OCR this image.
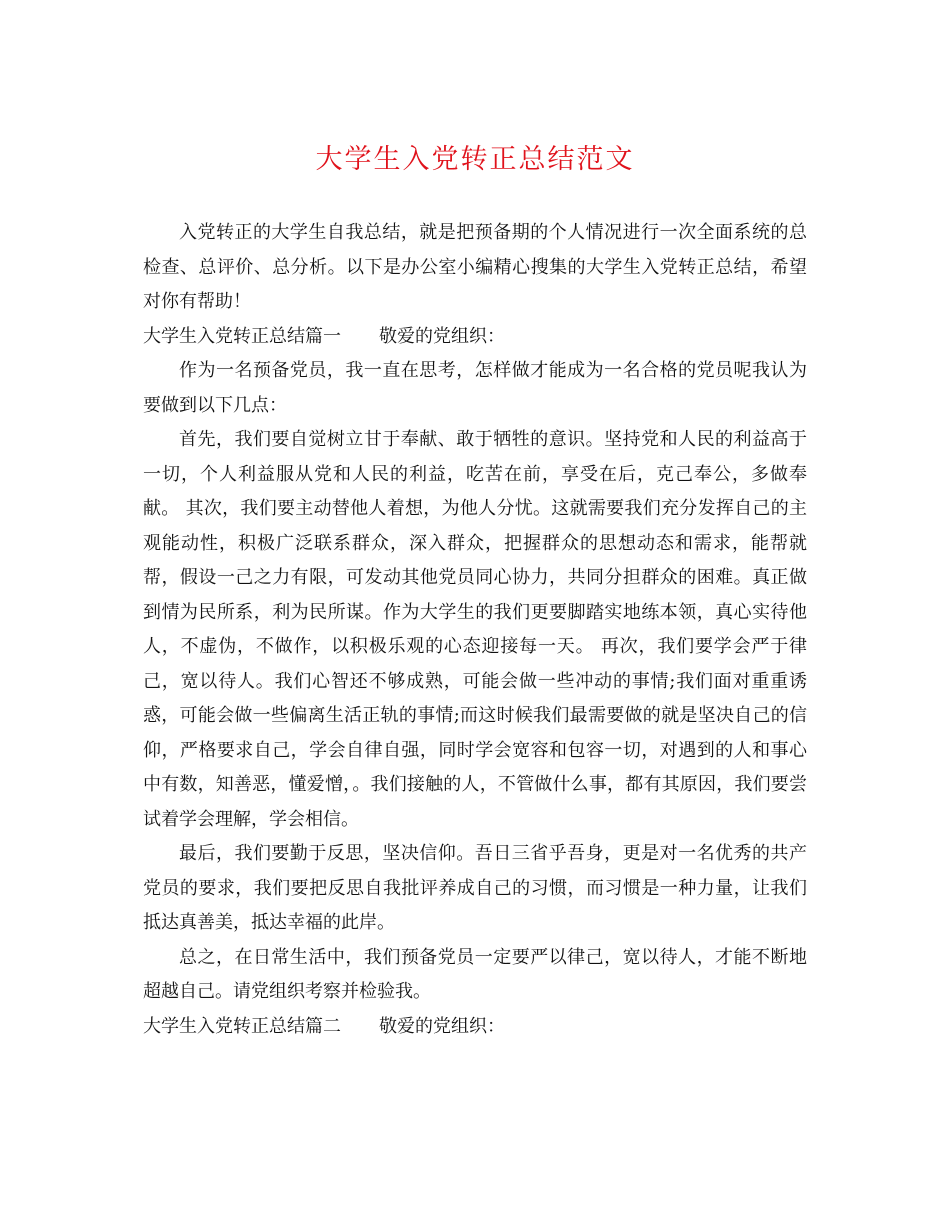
大学生入党转正总结范文

入党转正的大学生自我总结，就是把预备期的个人情况进行一次全面系统的总检查、总评价、总分析。以下是办公室小编精心搜集的大学生入党转正总结，希望对你有帮助！

大学生入党转正总结篇一 敬爱的党组织：

作为一名预备党员，我一直在思考，怎样做才能成为一名合格的党员呢我认为要做到以下几点：

首先，我们要自觉树立甘于奉献、敢于牺牲的意识。坚持党和人民的利益高于一切，个人利益服从党和人民的利益，吃苦在前，享受在后，克己奉公，多做奉献。 其次，我们要主动替他人着想，为他人分忧。这就需要我们充分发挥自己的主观能动性，积极广泛联系群众，深入群众，把握群众的思想动态和需求，能帮就帮，假设一己之力有限，可发动其他党员同心协力，共同分担群众的困难。真正做到情为民所系，利为民所谋。作为大学生的我们更要脚踏实地练本领，真心实待他人，不虚伪，不做作，以积极乐观的心态迎接每一天。 再次，我们要学会严于律己，宽以待人。我们心智还不够成熟，可能会做一些冲动的事情;我们面对重重诱惑，可能会做一些偏离生活正轨的事情;而这时候我们最需要做的就是坚决自己的信仰，严格要求自己，学会自律自强，同时学会宽容和包容一切，对遇到的人和事心中有数，知善恶，懂爱憎，。我们接触的人，不管做什么事，都有其原因，我们要尝试着学会理解，学会相信。

最后，我们要勤于反思，坚决信仰。吾日三省乎吾身，更是对一名优秀的共产党员的要求，我们要把反思自我批评养成自己的习惯，而习惯是一种力量，让我们抵达真善美，抵达幸福的此岸。

总之，在日常生活中，我们预备党员一定要严以律己，宽以待人，才能不断地超越自己。请党组织考察并检验我。

大学生入党转正总结篇二 敬爱的党组织：
